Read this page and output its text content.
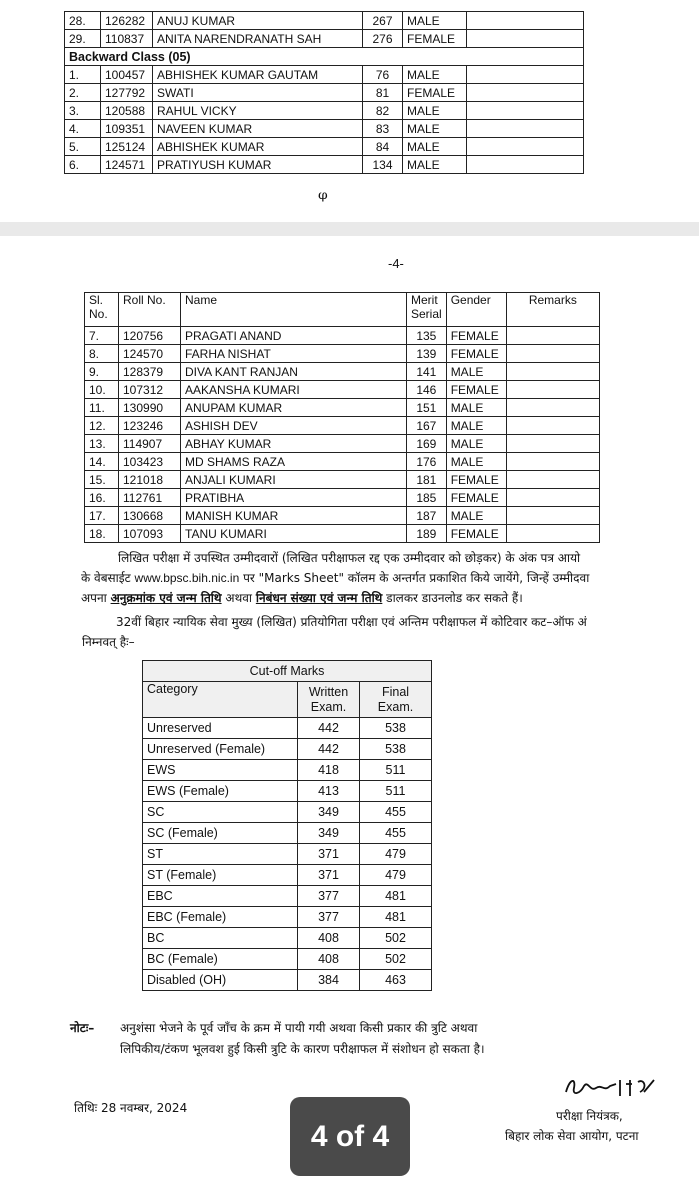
28.	126282	ANUJ KUMAR	267	MALE	
29.	110837	ANITA NARENDRANATH SAH	276	FEMALE	
Backward Class (05)					
1.	100457	ABHISHEK KUMAR GAUTAM	76	MALE	
2.	127792	SWATI	81	FEMALE	
3.	120588	RAHUL VICKY	82	MALE	
4.	109351	NAVEEN KUMAR	83	MALE	
5.	125124	ABHISHEK KUMAR	84	MALE	
6.	124571	PRATIYUSH KUMAR	134	MALE	
ᵩ
-4-
Sl. No.	Roll No.	Name	Merit Serial	Gender	Remarks
7.	120756	PRAGATI ANAND	135	FEMALE	
8.	124570	FARHA NISHAT	139	FEMALE	
9.	128379	DIVA KANT RANJAN	141	MALE	
10.	107312	AAKANSHA KUMARI	146	FEMALE	
11.	130990	ANUPAM KUMAR	151	MALE	
12.	123246	ASHISH DEV	167	MALE	
13.	114907	ABHAY KUMAR	169	MALE	
14.	103423	MD SHAMS RAZA	176	MALE	
15.	121018	ANJALI KUMARI	181	FEMALE	
16.	112761	PRATIBHA	185	FEMALE	
17.	130668	MANISH KUMAR	187	MALE	
18.	107093	TANU KUMARI	189	FEMALE	
लिखित परीक्षा में उपस्थित उम्मीदवारों (लिखित परीक्षाफल रद्द एक उम्मीदवार को छोड़कर) के अंक पत्र आयो
के वेबसाईट www.bpsc.bih.nic.in पर "Marks Sheet" कॉलम के अन्तर्गत प्रकाशित किये जायेंगे, जिन्हें उम्मीदवा
अपना अनुक्रमांक एवं जन्म तिथि अथवा निबंधन संख्या एवं जन्म तिथि डालकर डाउनलोड कर सकते हैं।
32वीं बिहार न्यायिक सेवा मुख्य (लिखित) प्रतियोगिता परीक्षा एवं अन्तिम परीक्षाफल में कोटिवार कट–ऑफ अं
निम्नवत् हैः–
Cut-off Marks		
Category	Written Exam.	Final Exam.
Unreserved	442	538
Unreserved (Female)	442	538
EWS	418	511
EWS (Female)	413	511
SC	349	455
SC (Female)	349	455
ST	371	479
ST (Female)	371	479
EBC	377	481
EBC (Female)	377	481
BC	408	502
BC (Female)	408	502
Disabled (OH)	384	463
नोटः– अनुशंसा भेजने के पूर्व जाँच के क्रम में पायी गयी अथवा किसी प्रकार की त्रुटि अथवा
लिपिकीय/टंकण भूलवश हुई किसी त्रुटि के कारण परीक्षाफल में संशोधन हो सकता है।
तिथिः 28 नवम्बर, 2024
परीक्षा नियंत्रक,
बिहार लोक सेवा आयोग, पटना
4 of 4
